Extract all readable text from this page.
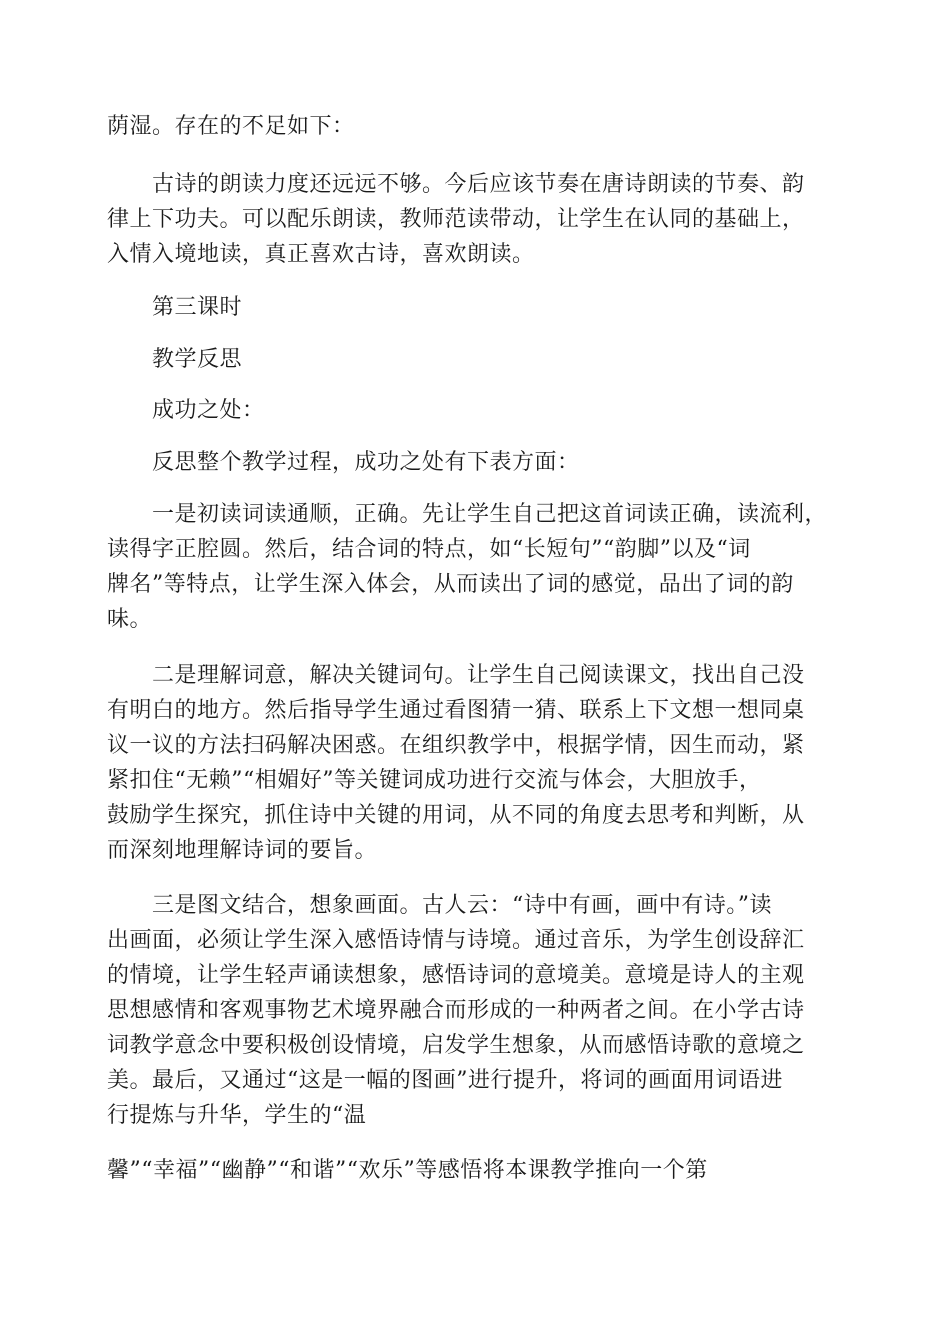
荫湿。存在的不足如下：
古诗的朗读力度还远远不够。今后应该节奏在唐诗朗读的节奏、韵
律上下功夫。可以配乐朗读，教师范读带动，让学生在认同的基础上，
入情入境地读，真正喜欢古诗，喜欢朗读。
第三课时
教学反思
成功之处：
反思整个教学过程，成功之处有下表方面：
一是初读词读通顺，正确。先让学生自己把这首词读正确，读流利，
读得字正腔圆。然后，结合词的特点，如“长短句”“韵脚”以及“词
牌名”等特点，让学生深入体会，从而读出了词的感觉，品出了词的韵
味。
二是理解词意，解决关键词句。让学生自己阅读课文，找出自己没
有明白的地方。然后指导学生通过看图猜一猜、联系上下文想一想同桌
议一议的方法扫码解决困惑。在组织教学中，根据学情，因生而动，紧
紧扣住“无赖”“相媚好”等关键词成功进行交流与体会，大胆放手，
鼓励学生探究，抓住诗中关键的用词，从不同的角度去思考和判断，从
而深刻地理解诗词的要旨。
三是图文结合，想象画面。古人云：“诗中有画，画中有诗。”读
出画面，必须让学生深入感悟诗情与诗境。通过音乐，为学生创设辞汇
的情境，让学生轻声诵读想象，感悟诗词的意境美。意境是诗人的主观
思想感情和客观事物艺术境界融合而形成的一种两者之间。在小学古诗
词教学意念中要积极创设情境，启发学生想象，从而感悟诗歌的意境之
美。最后，又通过“这是一幅的图画”进行提升，将词的画面用词语进
行提炼与升华，学生的“温
馨”“幸福”“幽静”“和谐”“欢乐”等感悟将本课教学推向一个第
